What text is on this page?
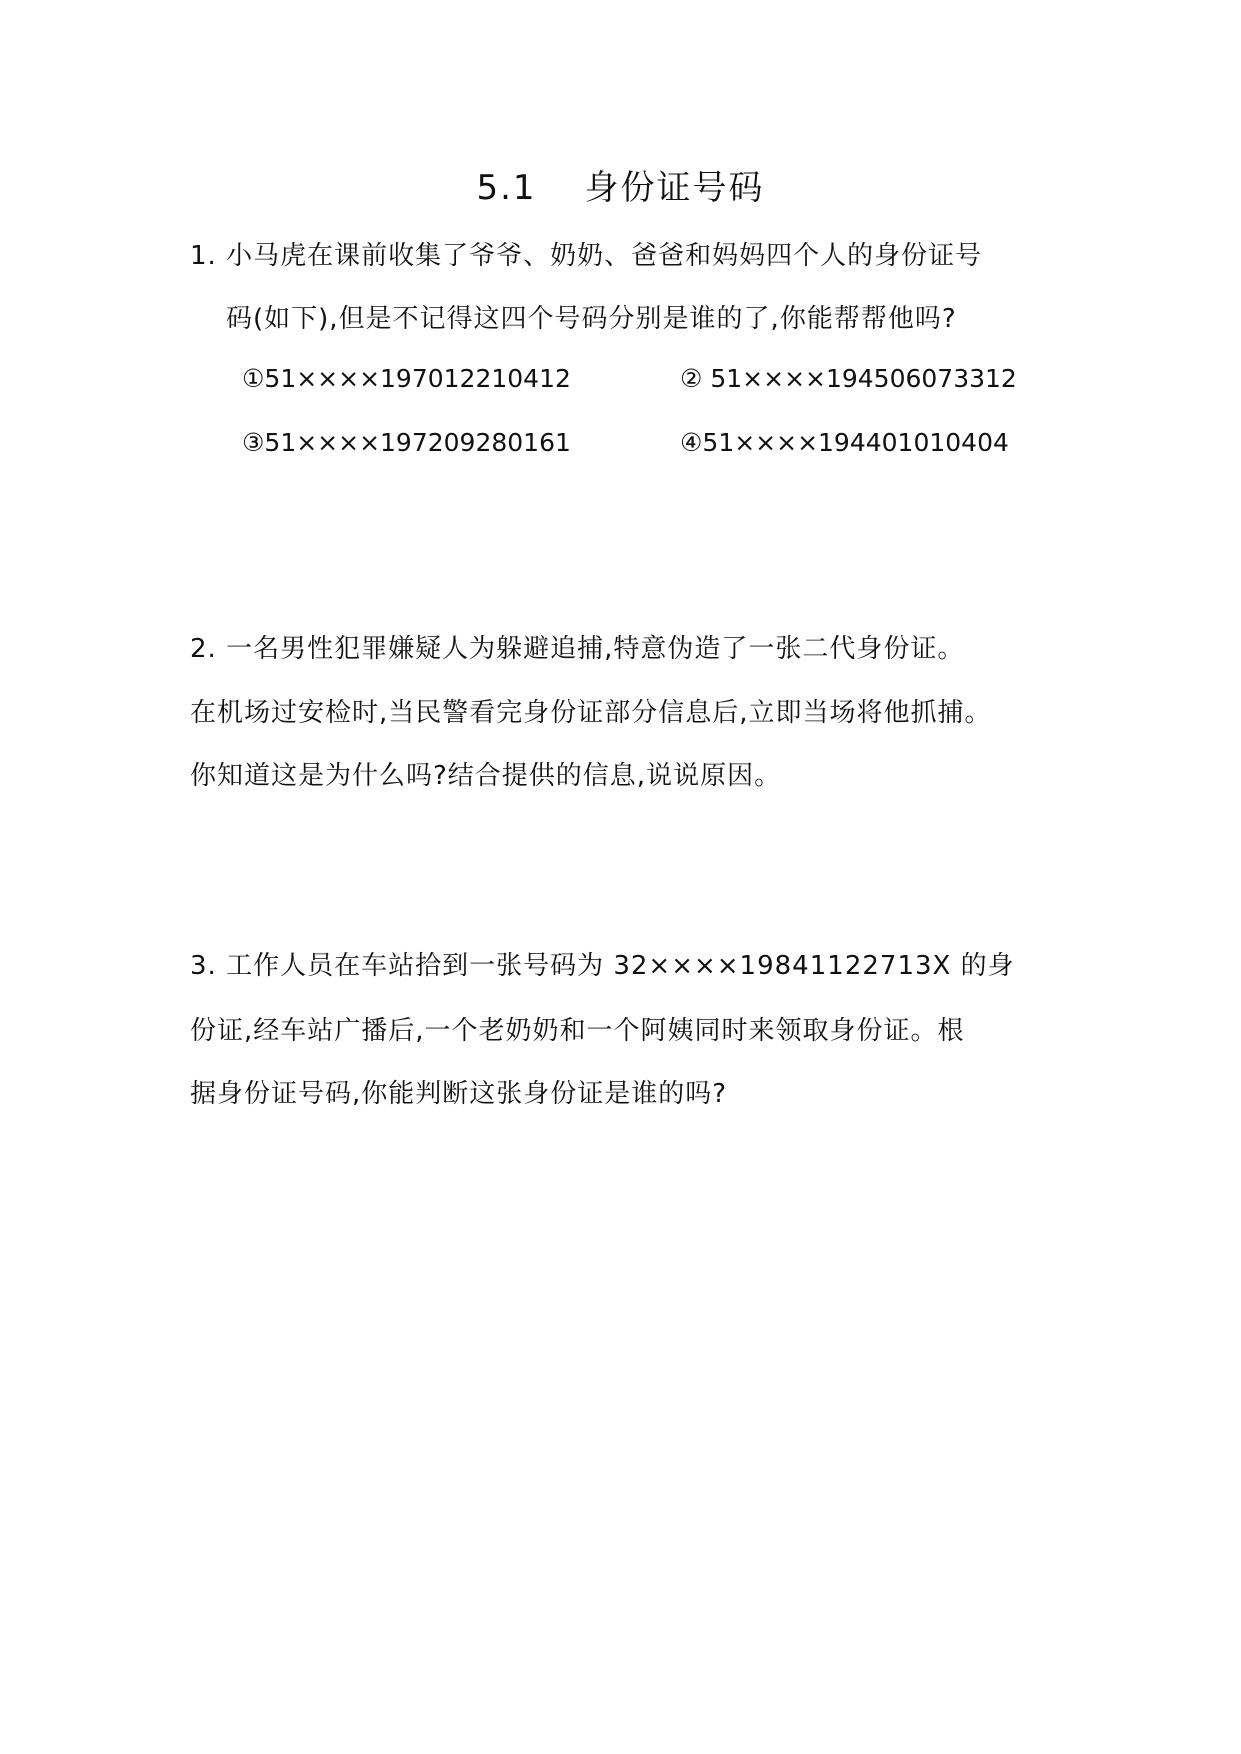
5.1 身份证号码
1. 小马虎在课前收集了爷爷、奶奶、爸爸和妈妈四个人的身份证号
码(如下),但是不记得这四个号码分别是谁的了,你能帮帮他吗?
①51××××197012210412	② 51××××194506073312
③51××××197209280161	④51××××194401010404
2. 一名男性犯罪嫌疑人为躲避追捕,特意伪造了一张二代身份证。
在机场过安检时,当民警看完身份证部分信息后,立即当场将他抓捕。
你知道这是为什么吗?结合提供的信息,说说原因。
3. 工作人员在车站拾到一张号码为 32××××19841122713X 的身
份证,经车站广播后,一个老奶奶和一个阿姨同时来领取身份证。根
据身份证号码,你能判断这张身份证是谁的吗?
